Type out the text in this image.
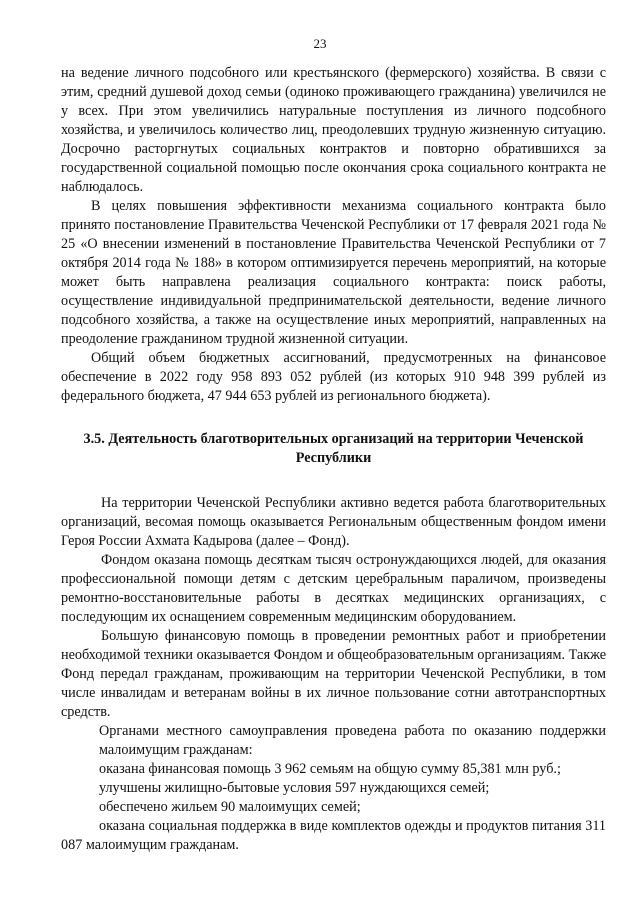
23

на ведение личного подсобного или крестьянского (фермерского) хозяйства. В связи с этим, средний душевой доход семьи (одиноко проживающего гражданина) увеличился не у всех. При этом увеличились натуральные поступления из личного подсобного хозяйства, и увеличилось количество лиц, преодолевших трудную жизненную ситуацию. Досрочно расторгнутых социальных контрактов и повторно обратившихся за государственной социальной помощью после окончания срока социального контракта не наблюдалось.

В целях повышения эффективности механизма социального контракта было принято постановление Правительства Чеченской Республики от 17 февраля 2021 года № 25 «О внесении изменений в постановление Правительства Чеченской Республики от 7 октября 2014 года № 188» в котором оптимизируется перечень мероприятий, на которые может быть направлена реализация социального контракта: поиск работы, осуществление индивидуальной предпринимательской деятельности, ведение личного подсобного хозяйства, а также на осуществление иных мероприятий, направленных на преодоление гражданином трудной жизненной ситуации.

Общий объем бюджетных ассигнований, предусмотренных на финансовое обеспечение в 2022 году 958 893 052 рублей (из которых 910 948 399 рублей из федерального бюджета, 47 944 653 рублей из регионального бюджета).

3.5. Деятельность благотворительных организаций на территории Чеченской Республики

На территории Чеченской Республики активно ведется работа благотворительных организаций, весомая помощь оказывается Региональным общественным фондом имени Героя России Ахмата Кадырова (далее – Фонд).

Фондом оказана помощь десяткам тысяч остронуждающихся людей, для оказания профессиональной помощи детям с детским церебральным параличом, произведены ремонтно-восстановительные работы в десятках медицинских организациях, с последующим их оснащением современным медицинским оборудованием.

Большую финансовую помощь в проведении ремонтных работ и приобретении необходимой техники оказывается Фондом и общеобразовательным организациям. Также Фонд передал гражданам, проживающим на территории Чеченской Республики, в том числе инвалидам и ветеранам войны в их личное пользование сотни автотранспортных средств.

Органами местного самоуправления проведена работа по оказанию поддержки малоимущим гражданам:

оказана финансовая помощь 3 962 семьям на общую сумму 85,381 млн руб.;

улучшены жилищно-бытовые условия 597 нуждающихся семей;

обеспечено жильем 90 малоимущих семей;

оказана социальная поддержка в виде комплектов одежды и продуктов питания 311 087 малоимущим гражданам.
